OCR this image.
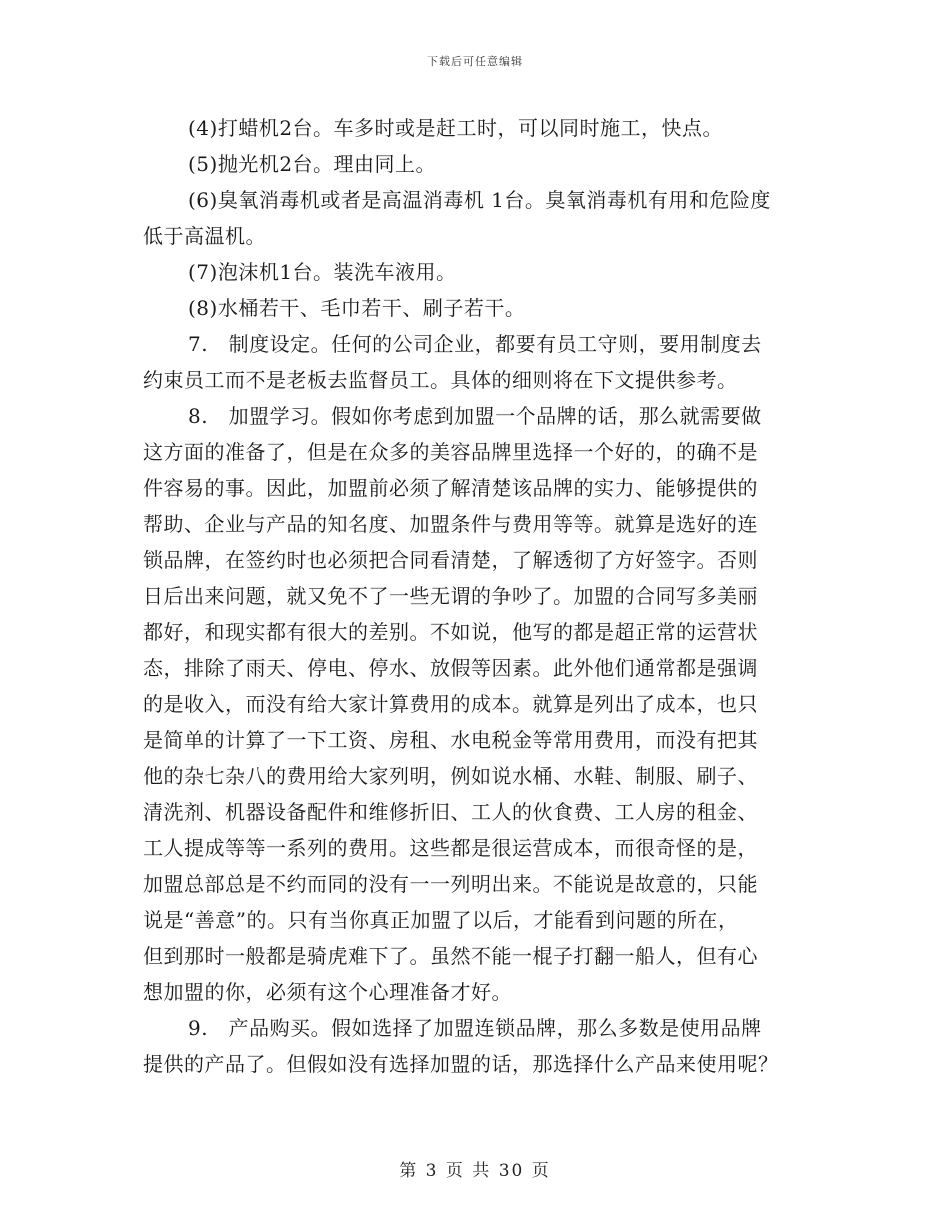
下载后可任意编辑
(4)打蜡机2台。车多时或是赶工时，可以同时施工，快点。
(5)抛光机2台。理由同上。
(6)臭氧消毒机或者是高温消毒机 1台。臭氧消毒机有用和危险度
低于高温机。
(7)泡沫机1台。装洗车液用。
(8)水桶若干、毛巾若干、刷子若干。
7.　制度设定。任何的公司企业，都要有员工守则，要用制度去
约束员工而不是老板去监督员工。具体的细则将在下文提供参考。
8.　加盟学习。假如你考虑到加盟一个品牌的话，那么就需要做
这方面的准备了，但是在众多的美容品牌里选择一个好的，的确不是
件容易的事。因此，加盟前必须了解清楚该品牌的实力、能够提供的
帮助、企业与产品的知名度、加盟条件与费用等等。就算是选好的连
锁品牌，在签约时也必须把合同看清楚，了解透彻了方好签字。否则
日后出来问题，就又免不了一些无谓的争吵了。加盟的合同写多美丽
都好，和现实都有很大的差别。不如说，他写的都是超正常的运营状
态，排除了雨天、停电、停水、放假等因素。此外他们通常都是强调
的是收入，而没有给大家计算费用的成本。就算是列出了成本，也只
是简单的计算了一下工资、房租、水电税金等常用费用，而没有把其
他的杂七杂八的费用给大家列明，例如说水桶、水鞋、制服、刷子、
清洗剂、机器设备配件和维修折旧、工人的伙食费、工人房的租金、
工人提成等等一系列的费用。这些都是很运营成本，而很奇怪的是，
加盟总部总是不约而同的没有一一列明出来。不能说是故意的，只能
说是“善意”的。只有当你真正加盟了以后，才能看到问题的所在，
但到那时一般都是骑虎难下了。虽然不能一棍子打翻一船人，但有心
想加盟的你，必须有这个心理准备才好。
9.　产品购买。假如选择了加盟连锁品牌，那么多数是使用品牌
提供的产品了。但假如没有选择加盟的话，那选择什么产品来使用呢？
第 3 页 共 30 页
